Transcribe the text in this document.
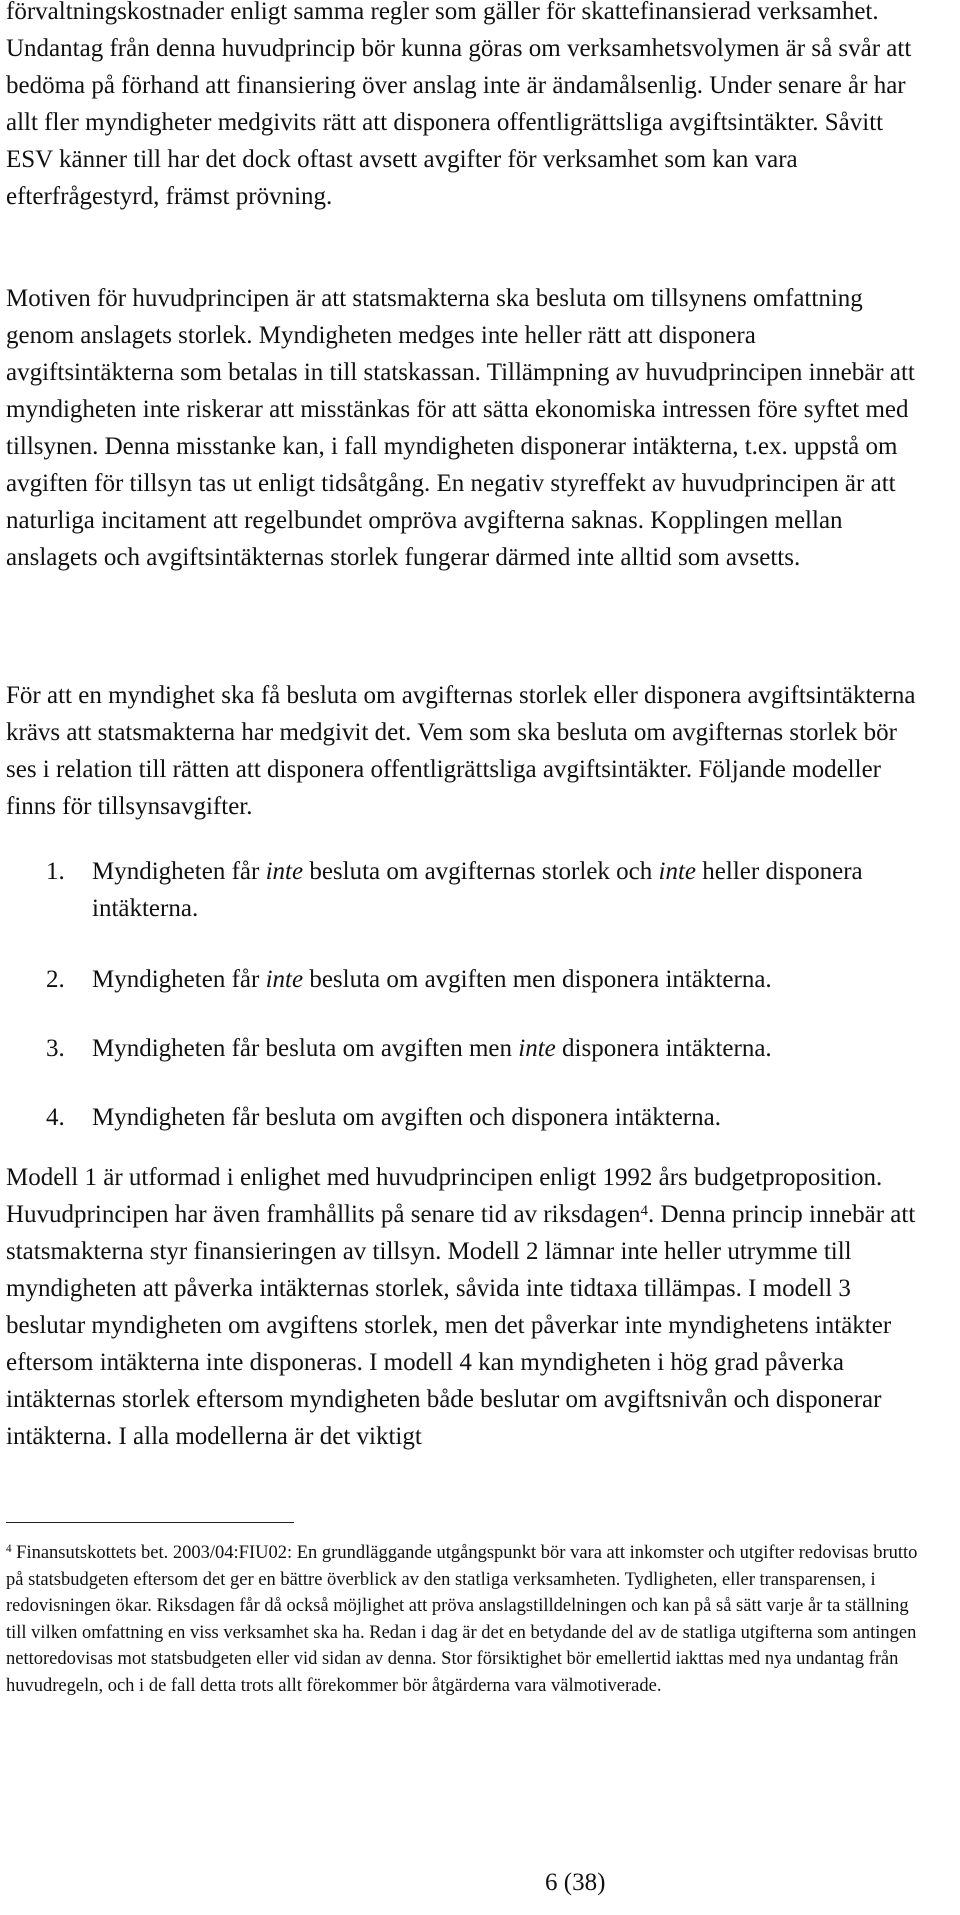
förvaltningskostnader enligt samma regler som gäller för skattefinansierad verksamhet. Undantag från denna huvudprincip bör kunna göras om verksamhetsvolymen är så svår att bedöma på förhand att finansiering över anslag inte är ändamålsenlig. Under senare år har allt fler myndigheter medgivits rätt att disponera offentligrättsliga avgiftsintäkter. Såvitt ESV känner till har det dock oftast avsett avgifter för verksamhet som kan vara efterfrågestyrd, främst prövning.

Motiven för huvudprincipen är att statsmakterna ska besluta om tillsynens omfattning genom anslagets storlek. Myndigheten medges inte heller rätt att disponera avgiftsintäkterna som betalas in till statskassan. Tillämpning av huvudprincipen innebär att myndigheten inte riskerar att misstänkas för att sätta ekonomiska intressen före syftet med tillsynen. Denna misstanke kan, i fall myndigheten disponerar intäkterna, t.ex. uppstå om avgiften för tillsyn tas ut enligt tidsåtgång. En negativ styreffekt av huvudprincipen är att naturliga incitament att regelbundet ompröva avgifterna saknas. Kopplingen mellan anslagets och avgiftsintäkternas storlek fungerar därmed inte alltid som avsetts.

För att en myndighet ska få besluta om avgifternas storlek eller disponera avgiftsintäkterna krävs att statsmakterna har medgivit det. Vem som ska besluta om avgifternas storlek bör ses i relation till rätten att disponera offentligrättsliga avgiftsintäkter. Följande modeller finns för tillsynsavgifter.

1. Myndigheten får inte besluta om avgifternas storlek och inte heller disponera intäkterna.
2. Myndigheten får inte besluta om avgiften men disponera intäkterna.
3. Myndigheten får besluta om avgiften men inte disponera intäkterna.
4. Myndigheten får besluta om avgiften och disponera intäkterna.

Modell 1 är utformad i enlighet med huvudprincipen enligt 1992 års budgetproposition. Huvudprincipen har även framhållits på senare tid av riksdagen$^4$. Denna princip innebär att statsmakterna styr finansieringen av tillsyn. Modell 2 lämnar inte heller utrymme till myndigheten att påverka intäkternas storlek, såvida inte tidtaxa tillämpas. I modell 3 beslutar myndigheten om avgiftens storlek, men det påverkar inte myndighetens intäkter eftersom intäkterna inte disponeras. I modell 4 kan myndigheten i hög grad påverka intäkternas storlek eftersom myndigheten både beslutar om avgiftsnivån och disponerar intäkterna. I alla modellerna är det viktigt

$^4$ Finansutskottets bet. 2003/04:FIU02: En grundläggande utgångspunkt bör vara att inkomster och utgifter redovisas brutto på statsbudgeten eftersom det ger en bättre överblick av den statliga verksamheten. Tydligheten, eller transparensen, i redovisningen ökar. Riksdagen får då också möjlighet att pröva anslagstilldelningen och kan på så sätt varje år ta ställning till vilken omfattning en viss verksamhet ska ha. Redan i dag är det en betydande del av de statliga utgifterna som antingen nettoredovisas mot statsbudgeten eller vid sidan av denna. Stor försiktighet bör emellertid iakttas med nya undantag från huvudregeln, och i de fall detta trots allt förekommer bör åtgärderna vara välmotiverade.

6 (38)
